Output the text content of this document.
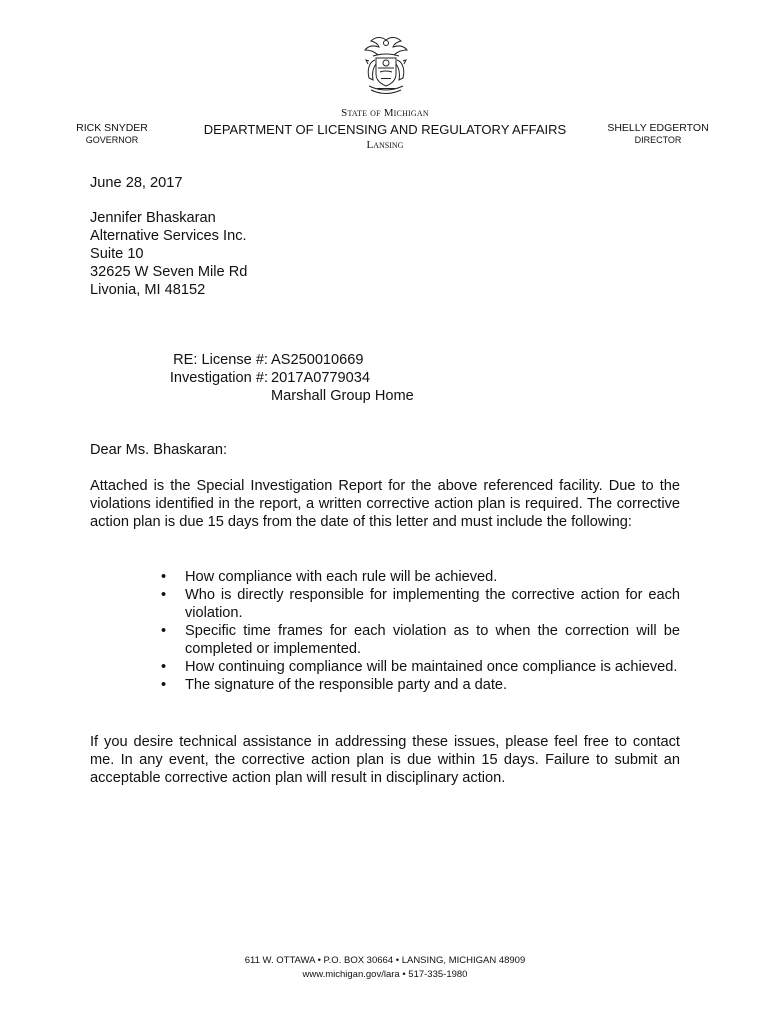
State of Michigan
DEPARTMENT OF LICENSING AND REGULATORY AFFAIRS
Lansing
RICK SNYDER
GOVERNOR
SHELLY EDGERTON
DIRECTOR
June 28, 2017
Jennifer Bhaskaran
Alternative Services Inc.
Suite 10
32625 W Seven Mile Rd
Livonia, MI 48152
RE: License #: AS250010669
Investigation #: 2017A0779034
Marshall Group Home
Dear Ms. Bhaskaran:
Attached is the Special Investigation Report for the above referenced facility. Due to the violations identified in the report, a written corrective action plan is required. The corrective action plan is due 15 days from the date of this letter and must include the following:
• How compliance with each rule will be achieved.
• Who is directly responsible for implementing the corrective action for each violation.
• Specific time frames for each violation as to when the correction will be completed or implemented.
• How continuing compliance will be maintained once compliance is achieved.
• The signature of the responsible party and a date.
If you desire technical assistance in addressing these issues, please feel free to contact me. In any event, the corrective action plan is due within 15 days. Failure to submit an acceptable corrective action plan will result in disciplinary action.
611 W. OTTAWA • P.O. BOX 30664 • LANSING, MICHIGAN 48909
www.michigan.gov/lara • 517-335-1980
